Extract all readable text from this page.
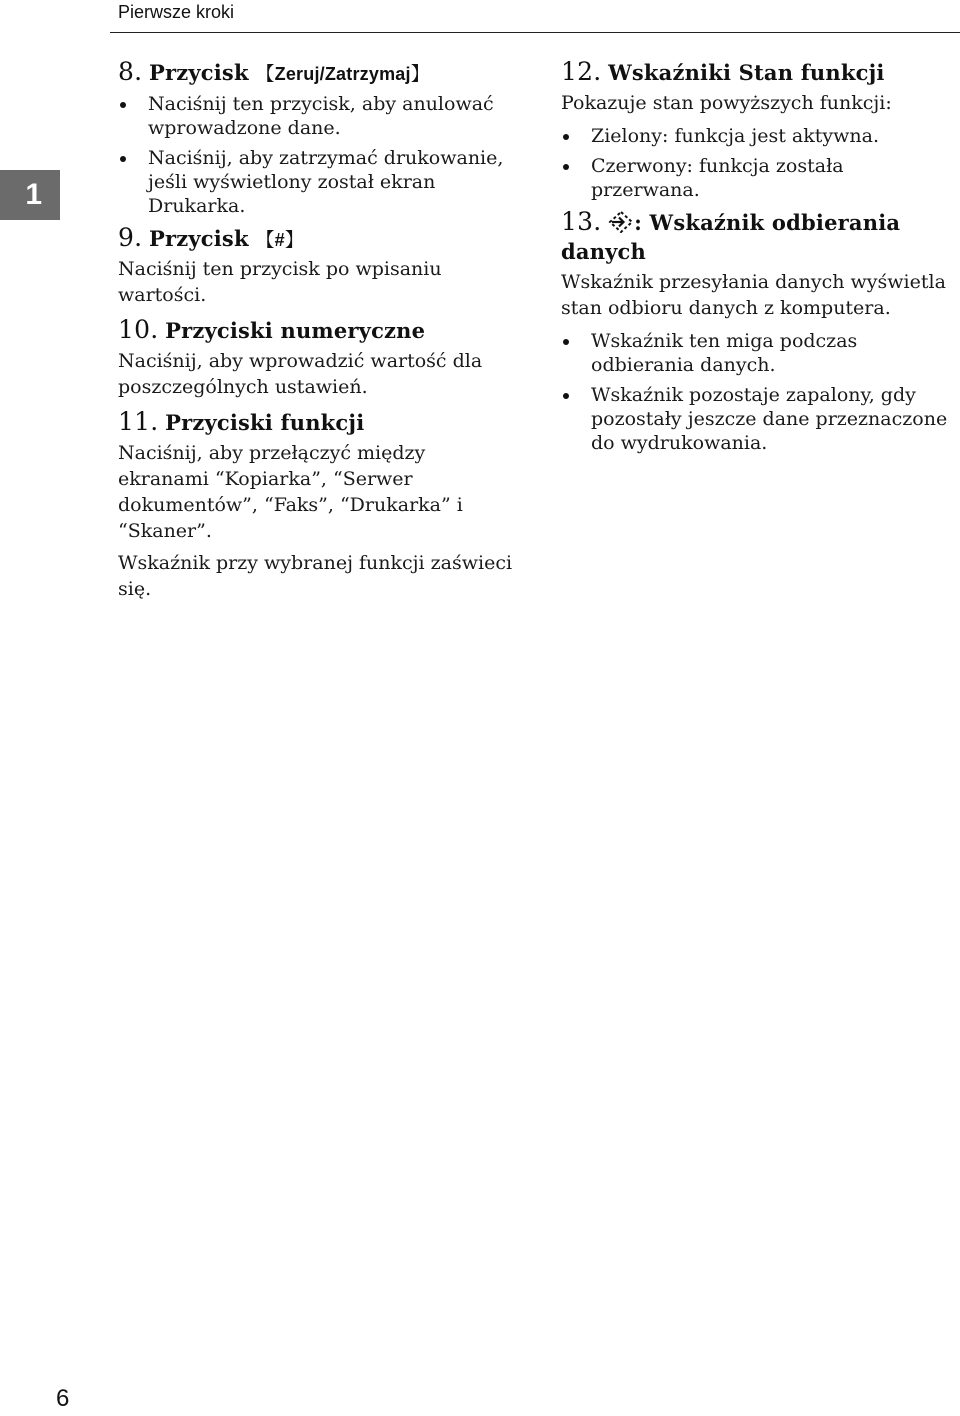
Pierwsze kroki
1
8. Przycisk 【Zeruj/Zatrzymaj】
Naciśnij ten przycisk, aby anulować wprowadzone dane.
Naciśnij, aby zatrzymać drukowanie, jeśli wyświetlony został ekran Drukarka.
9. Przycisk 【#】

Naciśnij ten przycisk po wpisaniu wartości.

10. Przyciski numeryczne

Naciśnij, aby wprowadzić wartość dla poszczególnych ustawień.

11. Przyciski funkcji

Naciśnij, aby przełączyć między ekranami “Kopiarka”, “Serwer dokumentów”, “Faks”, “Drukarka” i “Skaner”.

Wskaźnik przy wybranej funkcji zaświeci się.

12. Wskaźniki Stan funkcji

Pokazuje stan powyższych funkcji:

Zielony: funkcja jest aktywna.
Czerwony: funkcja została przerwana.
13. : Wskaźnik odbierania danych

Wskaźnik przesyłania danych wyświetla stan odbioru danych z komputera.

Wskaźnik ten miga podczas odbierania danych.
Wskaźnik pozostaje zapalony, gdy pozostały jeszcze dane przeznaczone do wydrukowania.
6
